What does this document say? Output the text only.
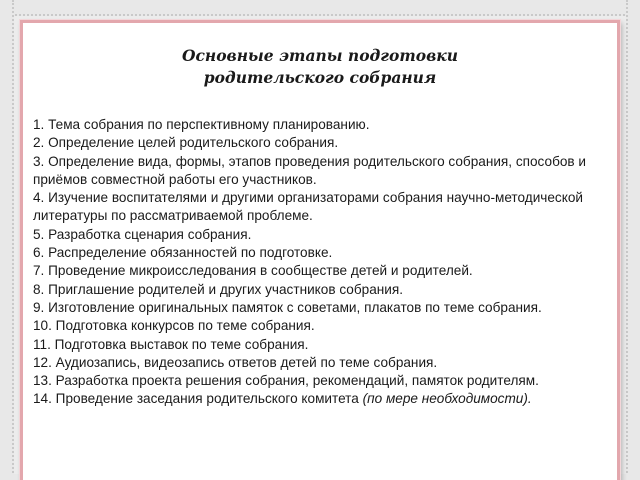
Основные этапы подготовки
родительского собрания
1. Тема собрания по перспективному планированию.
2. Определение целей родительского собрания.
3. Определение вида, формы, этапов проведения родительского собрания, способов и приёмов совместной работы его участников.
4. Изучение воспитателями и другими организаторами собрания научно-методической литературы по рассматриваемой проблеме.
5. Разработка сценария собрания.
6. Распределение обязанностей по подготовке.
7. Проведение микроисследования в сообществе детей и родителей.
8. Приглашение родителей и других участников собрания.
9. Изготовление оригинальных памяток с советами, плакатов по теме собрания.
10. Подготовка конкурсов по теме собрания.
11. Подготовка выставок по теме собрания.
12. Аудиозапись, видеозапись ответов детей по теме собрания.
13. Разработка проекта решения собрания, рекомендаций, памяток родителям.
14. Проведение заседания родительского комитета (по мере необходимости).
